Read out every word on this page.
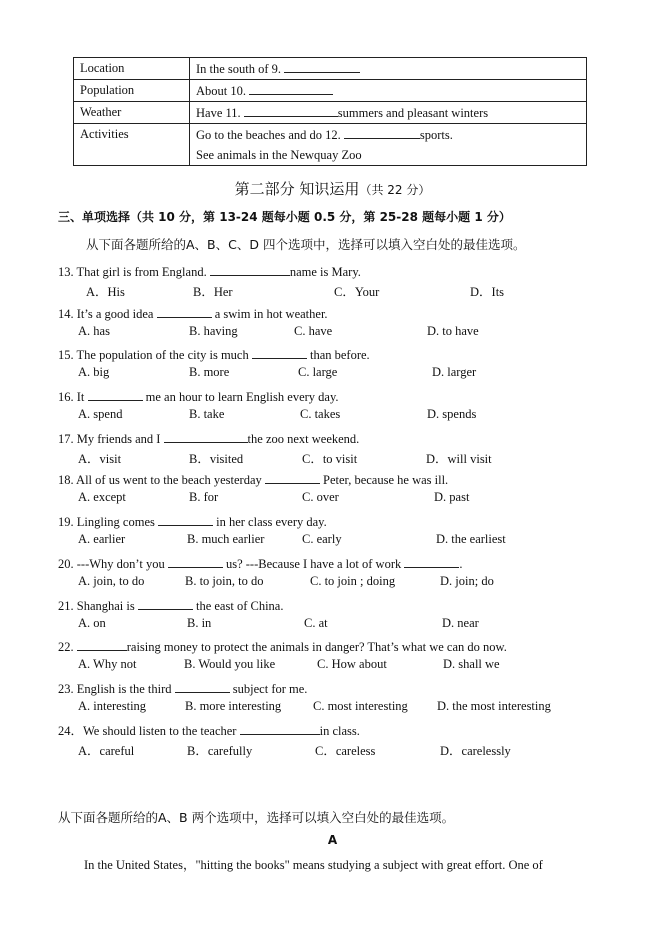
Location	In the south of 9.
Population	About 10.
Weather	Have 11. summers and pleasant winters
Activities	Go to the beaches and do 12. sports.
	See animals in the Newquay Zoo
第二部分 知识运用（共 22 分）
三、单项选择（共 10 分，第 13-24 题每小题 0.5 分，第 25-28 题每小题 1 分）
从下面各题所给的A、B、C、D 四个选项中，选择可以填入空白处的最佳选项。
13. That girl is from England.	name is Mary.
A．His	B．Her	C．Your	D．Its
14. It’s a good idea	a swim in hot weather.
A. has	B. having	C. have	D. to have
15. The population of the city is much	than before.
A. big	B. more	C. large	D. larger
16. It	me an hour to learn English every day.
A. spend	B. take	C. takes	D. spends
17. My friends and I	the zoo next weekend.
A．visit	B．visited	C．to visit	D．will visit
18. All of us went to the beach yesterday	Peter, because he was ill.
A. except	B. for	C. over	D. past
19. Lingling comes	in her class every day.
A. earlier	B. much earlier	C. early	D. the earliest
20. ---Why don’t you	us? ---Because I have a lot of work	.
A. join, to do	B. to join, to do	C. to join ; doing	D. join; do
21. Shanghai is	the east of China.
A. on	B. in	C. at	D. near
22.	raising money to protect the animals in danger? That’s what we can do now.
A. Why not	B. Would you like	C. How about	D. shall we
23. English is the third	subject for me.
A. interesting	B. more interesting	C. most interesting D. the most interesting
24．We should listen to the teacher	in class.
A．careful	B．carefully	C．careless	D．carelessly
从下面各题所给的A、B 两个选项中，选择可以填入空白处的最佳选项。
A
In the United States，"hitting the books" means studying a subject with great effort. One of
